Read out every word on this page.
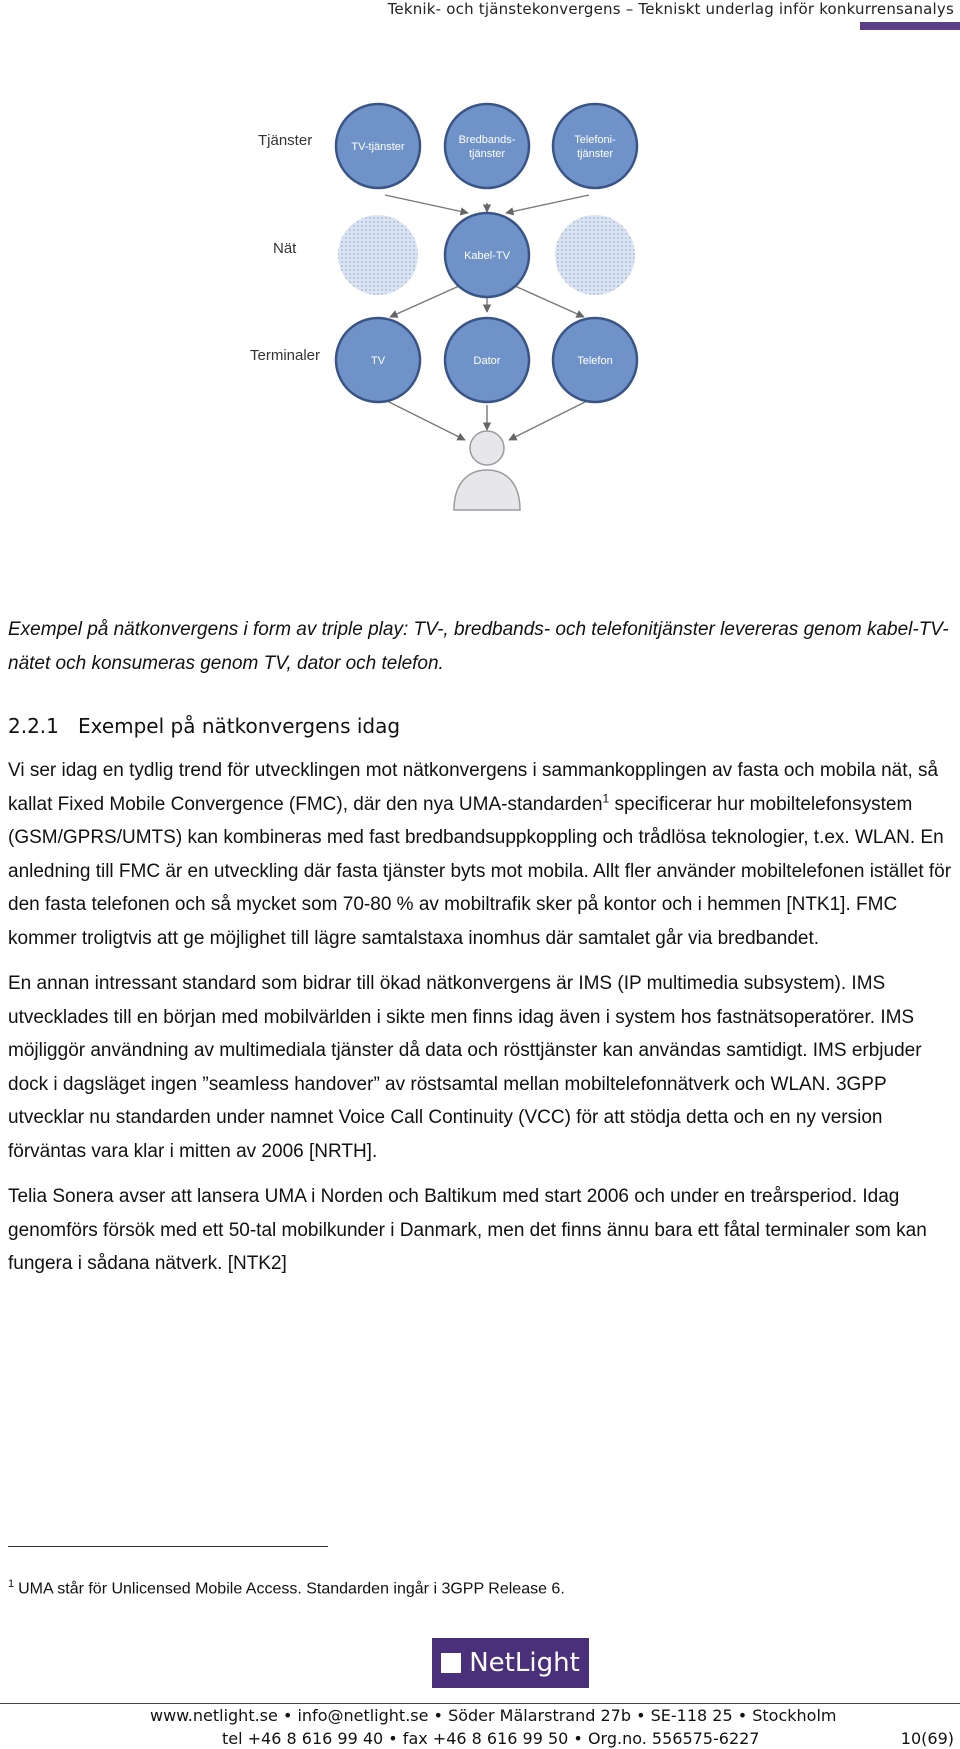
Teknik- och tjänstekonvergens – Tekniskt underlag inför konkurrensanalys
Tjänster
Nät
Terminaler
TV-tjänster
Bredbands-
tjänster
Telefoni-
tjänster
Kabel-TV
TV	Dator	Telefon
Exempel på nätkonvergens i form av triple play: TV-, bredbands- och telefonitjänster levereras genom kabel-TV-nätet och konsumeras genom TV, dator och telefon.
2.2.1 Exempel på nätkonvergens idag

Vi ser idag en tydlig trend för utvecklingen mot nätkonvergens i sammankopplingen av fasta och mobila nät, så kallat Fixed Mobile Convergence (FMC), där den nya UMA-standarden$^1$ specificerar hur mobiltelefonsystem (GSM/GPRS/UMTS) kan kombineras med fast bredbandsuppkoppling och trådlösa teknologier, t.ex. WLAN. En anledning till FMC är en utveckling där fasta tjänster byts mot mobila. Allt fler använder mobiltelefonen istället för den fasta telefonen och så mycket som 70-80 % av mobiltrafik sker på kontor och i hemmen [NTK1]. FMC kommer troligtvis att ge möjlighet till lägre samtalstaxa inomhus där samtalet går via bredbandet.

En annan intressant standard som bidrar till ökad nätkonvergens är IMS (IP multimedia subsystem). IMS utvecklades till en början med mobilvärlden i sikte men finns idag även i system hos fastnätsoperatörer. IMS möjliggör användning av multimediala tjänster då data och rösttjänster kan användas samtidigt. IMS erbjuder dock i dagsläget ingen ”seamless handover” av röstsamtal mellan mobiltelefonnätverk och WLAN. 3GPP utvecklar nu standarden under namnet Voice Call Continuity (VCC) för att stödja detta och en ny version förväntas vara klar i mitten av 2006 [NRTH].

Telia Sonera avser att lansera UMA i Norden och Baltikum med start 2006 och under en treårsperiod. Idag genomförs försök med ett 50-tal mobilkunder i Danmark, men det finns ännu bara ett fåtal terminaler som kan fungera i sådana nätverk. [NTK2]

$^1$ UMA står för Unlicensed Mobile Access. Standarden ingår i 3GPP Release 6.
NetLight
www.netlight.se • info@netlight.se • Söder Mälarstrand 27b • SE-118 25 • Stockholm
tel +46 8 616 99 40 • fax +46 8 616 99 50 • Org.no. 556575-6227	10(69)
